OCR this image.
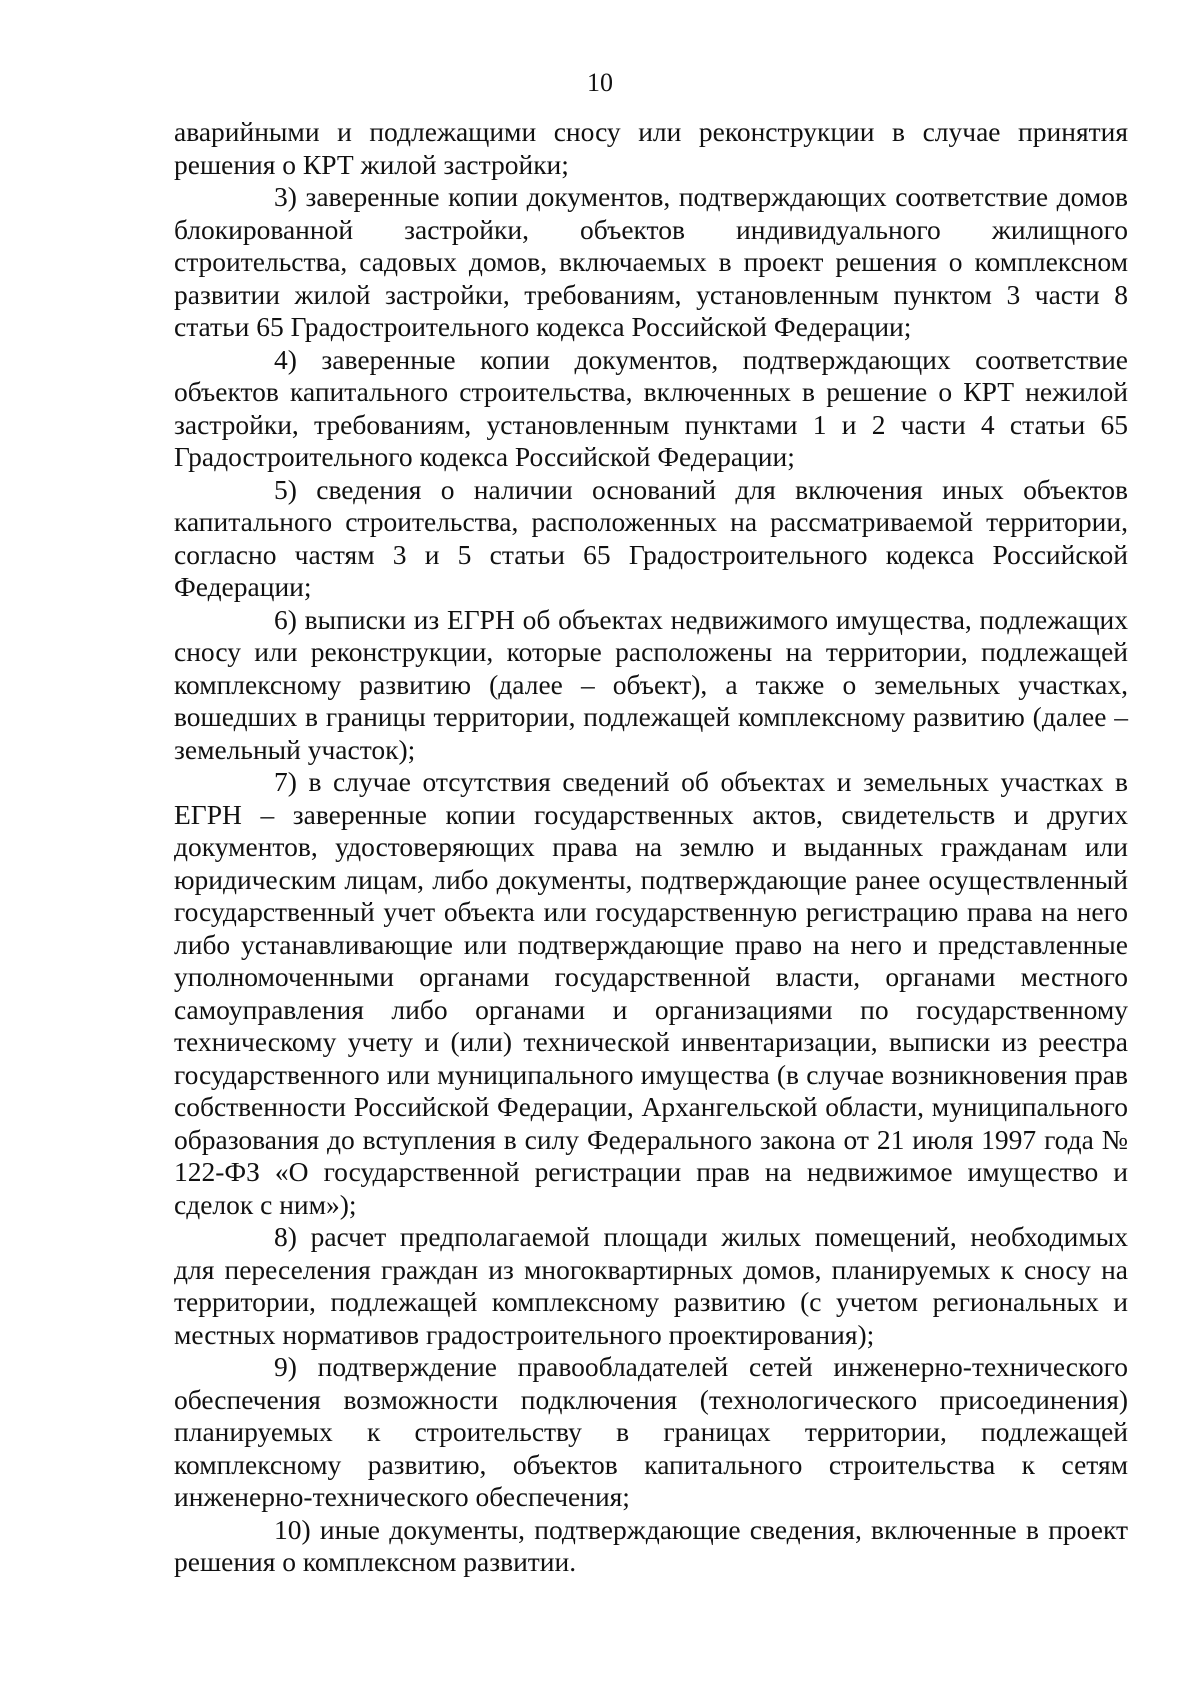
10

аварийными и подлежащими сносу или реконструкции в случае принятия решения о КРТ жилой застройки;

3) заверенные копии документов, подтверждающих соответствие домов блокированной застройки, объектов индивидуального жилищного строительства, садовых домов, включаемых в проект решения о комплексном развитии жилой застройки, требованиям, установленным пунктом 3 части 8 статьи 65 Градостроительного кодекса Российской Федерации;

4) заверенные копии документов, подтверждающих соответствие объектов капитального строительства, включенных в решение о КРТ нежилой застройки, требованиям, установленным пунктами 1 и 2 части 4 статьи 65 Градостроительного кодекса Российской Федерации;

5) сведения о наличии оснований для включения иных объектов капитального строительства, расположенных на рассматриваемой территории, согласно частям 3 и 5 статьи 65 Градостроительного кодекса Российской Федерации;

6) выписки из ЕГРН об объектах недвижимого имущества, подлежащих сносу или реконструкции, которые расположены на территории, подлежащей комплексному развитию (далее – объект), а также о земельных участках, вошедших в границы территории, подлежащей комплексному развитию (далее – земельный участок);

7) в случае отсутствия сведений об объектах и земельных участках в ЕГРН – заверенные копии государственных актов, свидетельств и других документов, удостоверяющих права на землю и выданных гражданам или юридическим лицам, либо документы, подтверждающие ранее осуществленный государственный учет объекта или государственную регистрацию права на него либо устанавливающие или подтверждающие право на него и представленные уполномоченными органами государственной власти, органами местного самоуправления либо органами и организациями по государственному техническому учету и (или) технической инвентаризации, выписки из реестра государственного или муниципального имущества (в случае возникновения прав собственности Российской Федерации, Архангельской области, муниципального образования до вступления в силу Федерального закона от 21 июля 1997 года № 122-ФЗ «О государственной регистрации прав на недвижимое имущество и сделок с ним»);

8) расчет предполагаемой площади жилых помещений, необходимых для переселения граждан из многоквартирных домов, планируемых к сносу на территории, подлежащей комплексному развитию (с учетом региональных и местных нормативов градостроительного проектирования);

9) подтверждение правообладателей сетей инженерно-технического обеспечения возможности подключения (технологического присоединения) планируемых к строительству в границах территории, подлежащей комплексному развитию, объектов капитального строительства к сетям инженерно-технического обеспечения;

10) иные документы, подтверждающие сведения, включенные в проект решения о комплексном развитии.
